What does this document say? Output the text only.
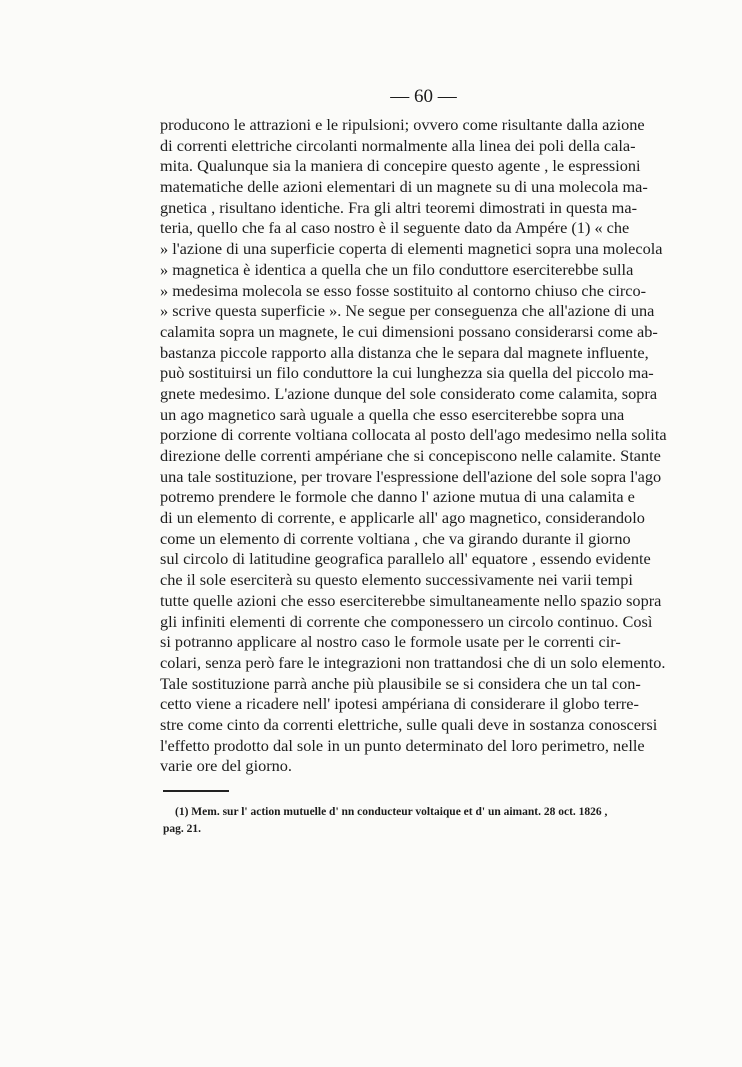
— 60 —
producono le attrazioni e le ripulsioni; ovvero come risultante dalla azione
di correnti elettriche circolanti normalmente alla linea dei poli della cala-
mita. Qualunque sia la maniera di concepire questo agente , le espressioni
matematiche delle azioni elementari di un magnete su di una molecola ma-
gnetica , risultano identiche. Fra gli altri teoremi dimostrati in questa ma-
teria, quello che fa al caso nostro è il seguente dato da Ampére (1) « che
» l'azione di una superficie coperta di elementi magnetici sopra una molecola
» magnetica è identica a quella che un filo conduttore eserciterebbe sulla
» medesima molecola se esso fosse sostituito al contorno chiuso che circo-
» scrive questa superficie ». Ne segue per conseguenza che all'azione di una
calamita sopra un magnete, le cui dimensioni possano considerarsi come ab-
bastanza piccole rapporto alla distanza che le separa dal magnete influente,
può sostituirsi un filo conduttore la cui lunghezza sia quella del piccolo ma-
gnete medesimo. L'azione dunque del sole considerato come calamita, sopra
un ago magnetico sarà uguale a quella che esso eserciterebbe sopra una
porzione di corrente voltiana collocata al posto dell'ago medesimo nella solita
direzione delle correnti ampériane che si concepiscono nelle calamite. Stante
una tale sostituzione, per trovare l'espressione dell'azione del sole sopra l'ago
potremo prendere le formole che danno l' azione mutua di una calamita e
di un elemento di corrente, e applicarle all' ago magnetico, considerandolo
come un elemento di corrente voltiana , che va girando durante il giorno
sul circolo di latitudine geografica parallelo all' equatore , essendo evidente
che il sole eserciterà su questo elemento successivamente nei varii tempi
tutte quelle azioni che esso eserciterebbe simultaneamente nello spazio sopra
gli infiniti elementi di corrente che componessero un circolo continuo. Così
si potranno applicare al nostro caso le formole usate per le correnti cir-
colari, senza però fare le integrazioni non trattandosi che di un solo elemento.
Tale sostituzione parrà anche più plausibile se si considera che un tal con-
cetto viene a ricadere nell' ipotesi ampériana di considerare il globo terre-
stre come cinto da correnti elettriche, sulle quali deve in sostanza conoscersi
l'effetto prodotto dal sole in un punto determinato del loro perimetro, nelle
varie ore del giorno.
(1) Mem. sur l' action mutuelle d' nn conducteur voltaique et d' un aimant. 28 oct. 1826 ,
pag. 21.
